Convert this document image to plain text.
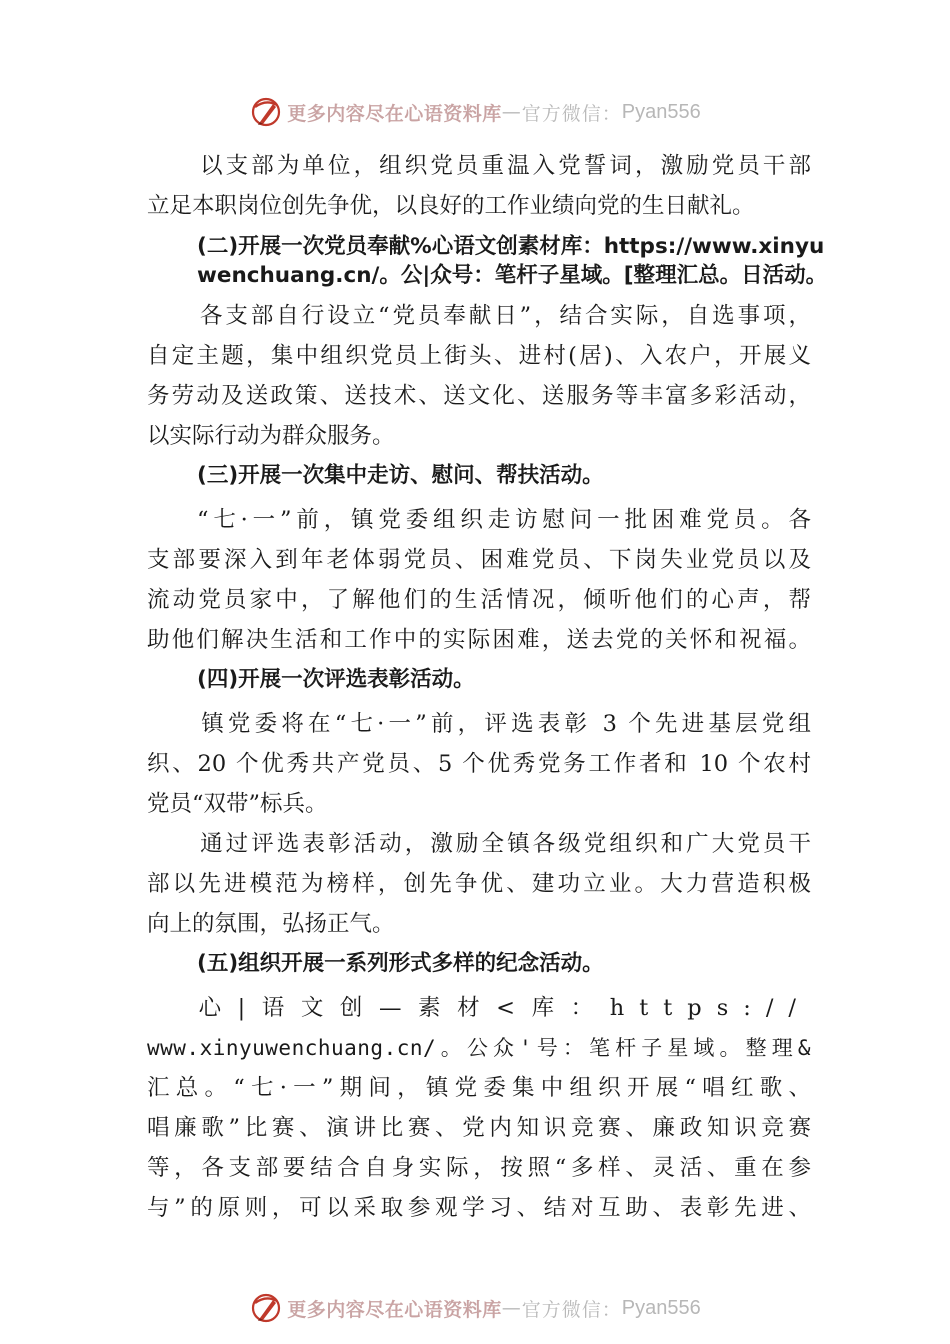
更多内容尽在心语资料库 — 官方微信： Pyan556

以支部为单位，组织党员重温入党誓词，激励党员干部

立足本职岗位创先争优，以良好的工作业绩向党的生日献礼。

(二)开展一次党员奉献%心语文创素材库：https://www.xinyuwenchuang.cn/。公|众号：笔杆子星域。[整理汇总。日活动。

各支部自行设立“党员奉献日”，结合实际，自选事项，

自定主题，集中组织党员上街头、进村(居)、入农户，开展义

务劳动及送政策、送技术、送文化、送服务等丰富多彩活动，

以实际行动为群众服务。

(三)开展一次集中走访、慰问、帮扶活动。

“七·一”前，镇党委组织走访慰问一批困难党员。各

支部要深入到年老体弱党员、困难党员、下岗失业党员以及

流动党员家中，了解他们的生活情况，倾听他们的心声，帮

助他们解决生活和工作中的实际困难，送去党的关怀和祝福。

(四)开展一次评选表彰活动。

镇党委将在“七·一”前，评选表彰 3 个先进基层党组

织、20 个优秀共产党员、5 个优秀党务工作者和 10 个农村

党员“双带”标兵。

通过评选表彰活动，激励全镇各级党组织和广大党员干

部以先进模范为榜样，创先争优、建功立业。大力营造积极

向上的氛围，弘扬正气。

(五)组织开展一系列形式多样的纪念活动。

心|语文创—素材<库：https://

www.xinyuwenchuang.cn/。公众'号：笔杆子星域。整理&

汇总。“七·一”期间，镇党委集中组织开展“唱红歌、

唱廉歌”比赛、演讲比赛、党内知识竞赛、廉政知识竞赛

等，各支部要结合自身实际，按照“多样、灵活、重在参

与”的原则，可以采取参观学习、结对互助、表彰先进、

更多内容尽在心语资料库 — 官方微信： Pyan556
